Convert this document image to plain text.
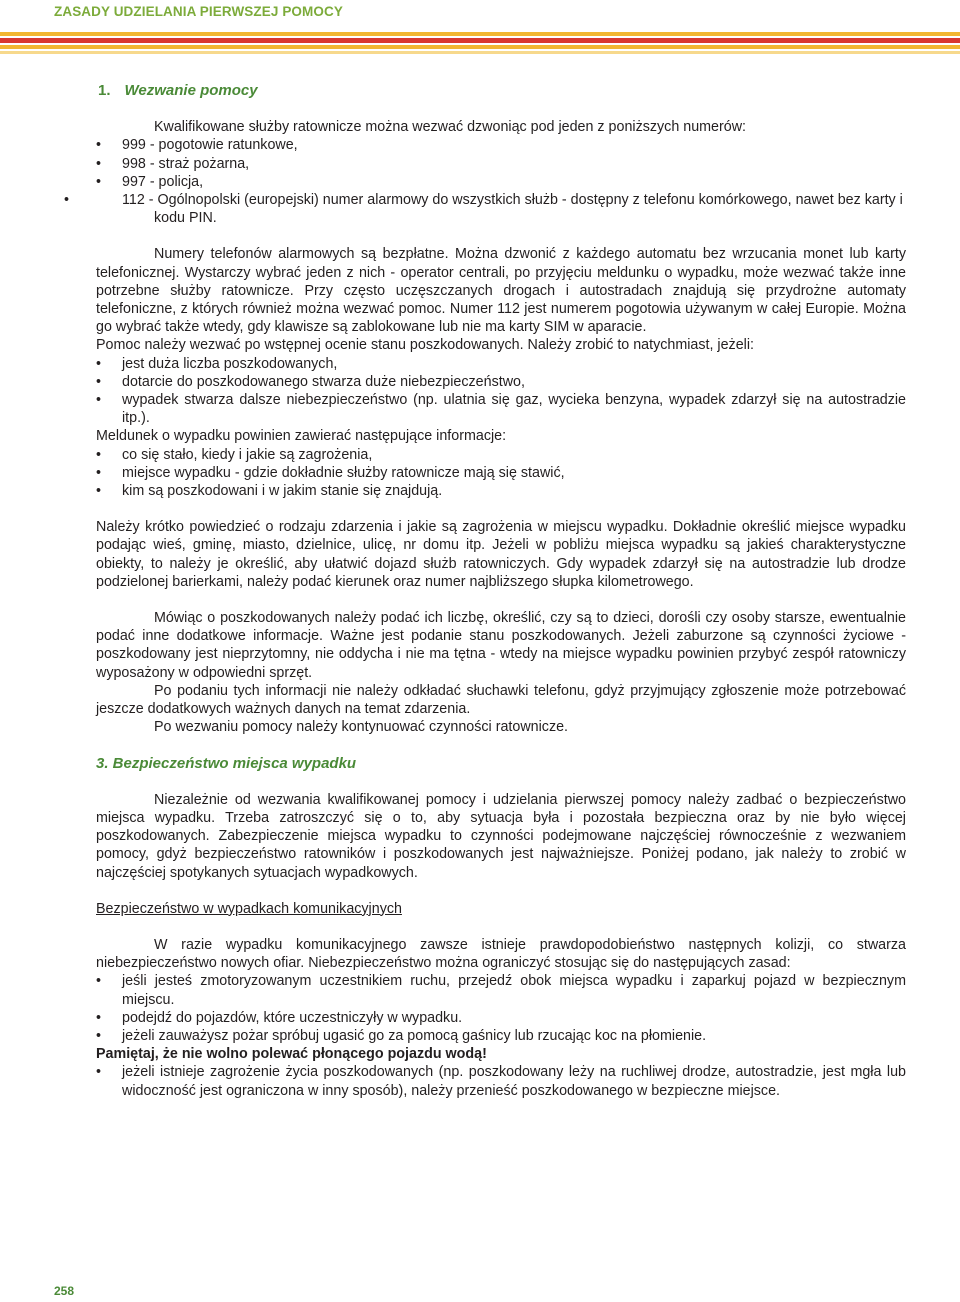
ZASADY UDZIELANIA PIERWSZEJ POMOCY
1. Wezwanie pomocy

Kwalifikowane służby ratownicze można wezwać dzwoniąc pod jeden z poniższych numerów:

• 999 - pogotowie ratunkowe,
• 998 - straż pożarna,
• 997 - policja,
• 112 - Ogólnopolski (europejski) numer alarmowy do wszystkich służb - dostępny z telefonu komórkowego, nawet bez karty i kodu PIN.

Numery telefonów alarmowych są bezpłatne. Można dzwonić z każdego automatu bez wrzucania monet lub karty telefonicznej. Wystarczy wybrać jeden z nich - operator centrali, po przyjęciu meldunku o wypadku, może wezwać także inne potrzebne służby ratownicze. Przy często uczęszczanych drogach i autostradach znajdują się przydrożne automaty telefoniczne, z których również można wezwać pomoc. Numer 112 jest numerem pogotowia używanym w całej Europie. Można go wybrać także wtedy, gdy klawisze są zablokowane lub nie ma karty SIM w aparacie.

Pomoc należy wezwać po wstępnej ocenie stanu poszkodowanych. Należy zrobić to natychmiast, jeżeli:

• jest duża liczba poszkodowanych,
• dotarcie do poszkodowanego stwarza duże niebezpieczeństwo,
• wypadek stwarza dalsze niebezpieczeństwo (np. ulatnia się gaz, wycieka benzyna, wypadek zdarzył się na autostradzie itp.).

Meldunek o wypadku powinien zawierać następujące informacje:

• co się stało, kiedy i jakie są zagrożenia,
• miejsce wypadku - gdzie dokładnie służby ratownicze mają się stawić,
• kim są poszkodowani i w jakim stanie się znajdują.

Należy krótko powiedzieć o rodzaju zdarzenia i jakie są zagrożenia w miejscu wypadku. Dokładnie określić miejsce wypadku podając wieś, gminę, miasto, dzielnice, ulicę, nr domu itp. Jeżeli w pobliżu miejsca wypadku są jakieś charakterystyczne obiekty, to należy je określić, aby ułatwić dojazd służb ratowniczych. Gdy wypadek zdarzył się na autostradzie lub drodze podzielonej barierkami, należy podać kierunek oraz numer najbliższego słupka kilometrowego.

Mówiąc o poszkodowanych należy podać ich liczbę, określić, czy są to dzieci, dorośli czy osoby starsze, ewentualnie podać inne dodatkowe informacje. Ważne jest podanie stanu poszkodowanych. Jeżeli zaburzone są czynności życiowe - poszkodowany jest nieprzytomny, nie oddycha i nie ma tętna - wtedy na miejsce wypadku powinien przybyć zespół ratowniczy wyposażony w odpowiedni sprzęt.

Po podaniu tych informacji nie należy odkładać słuchawki telefonu, gdyż przyjmujący zgłoszenie może potrzebować jeszcze dodatkowych ważnych danych na temat zdarzenia.

Po wezwaniu pomocy należy kontynuować czynności ratownicze.

3. Bezpieczeństwo miejsca wypadku

Niezależnie od wezwania kwalifikowanej pomocy i udzielania pierwszej pomocy należy zadbać o bezpieczeństwo miejsca wypadku. Trzeba zatroszczyć się o to, aby sytuacja była i pozostała bezpieczna oraz by nie było więcej poszkodowanych. Zabezpieczenie miejsca wypadku to czynności podejmowane najczęściej równocześnie z wezwaniem pomocy, gdyż bezpieczeństwo ratowników i poszkodowanych jest najważniejsze. Poniżej podano, jak należy to zrobić w najczęściej spotykanych sytuacjach wypadkowych.

Bezpieczeństwo w wypadkach komunikacyjnych

W razie wypadku komunikacyjnego zawsze istnieje prawdopodobieństwo następnych kolizji, co stwarza niebezpieczeństwo nowych ofiar. Niebezpieczeństwo można ograniczyć stosując się do następujących zasad:

• jeśli jesteś zmotoryzowanym uczestnikiem ruchu, przejedź obok miejsca wypadku i zaparkuj pojazd w bezpiecznym miejscu.
• podejdź do pojazdów, które uczestniczyły w wypadku.
• jeżeli zauważysz pożar spróbuj ugasić go za pomocą gaśnicy lub rzucając koc na płomienie.

Pamiętaj, że nie wolno polewać płonącego pojazdu wodą!

• jeżeli istnieje zagrożenie życia poszkodowanych (np. poszkodowany leży na ruchliwej drodze, autostradzie, jest mgła lub widoczność jest ograniczona w inny sposób), należy przenieść poszkodowanego w bezpieczne miejsce.
258
